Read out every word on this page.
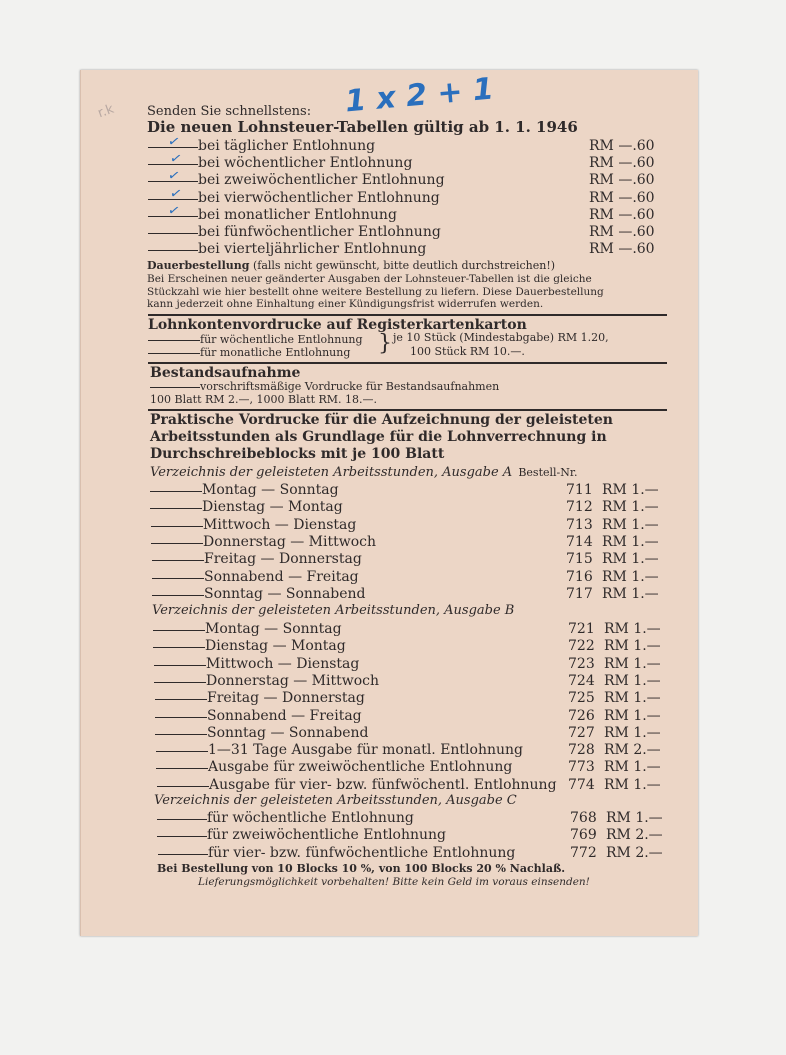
r.k	1 x 2 + 1
Senden Sie schnellstens:
Die neuen Lohnsteuer-Tabellen gültig ab 1. 1. 1946
bei täglicher Entlohnung	RM —.60
✓
bei wöchentlicher Entlohnung	RM —.60
✓
bei zweiwöchentlicher Entlohnung	RM —.60
✓
bei vierwöchentlicher Entlohnung	RM —.60
✓
bei monatlicher Entlohnung	RM —.60
✓
bei fünfwöchentlicher Entlohnung	RM —.60
bei vierteljährlicher Entlohnung	RM —.60
Dauerbestellung (falls nicht gewünscht, bitte deutlich durchstreichen!)
Bei Erscheinen neuer geänderter Ausgaben der Lohnsteuer-Tabellen ist die gleiche
Stückzahl wie hier bestellt ohne weitere Bestellung zu liefern. Diese Dauerbestellung
kann jederzeit ohne Einhaltung einer Kündigungsfrist widerrufen werden.
Lohnkontenvordrucke auf Registerkartenkarton
für wöchentliche Entlohnung
für monatliche Entlohnung } je 10 Stück (Mindestabgabe) RM 1.20,
100 Stück RM 10.—.
Bestandsaufnahme
vorschriftsmäßige Vordrucke für Bestandsaufnahmen
100 Blatt RM 2.—, 1000 Blatt RM. 18.—.
Praktische Vordrucke für die Aufzeichnung der geleisteten
Arbeitsstunden als Grundlage für die Lohnverrechnung in
Durchschreibeblocks mit je 100 Blatt
Verzeichnis der geleisteten Arbeitsstunden, Ausgabe A Bestell-Nr.
Montag — Sonntag	711 RM 1.—
Dienstag — Montag	712 RM 1.—
Mittwoch — Dienstag	713 RM 1.—
Donnerstag — Mittwoch	714 RM 1.—
Freitag — Donnerstag	715 RM 1.—
Sonnabend — Freitag	716 RM 1.—
Sonntag — Sonnabend	717 RM 1.—
Verzeichnis der geleisteten Arbeitsstunden, Ausgabe B
Montag — Sonntag	721 RM 1.—
Dienstag — Montag	722 RM 1.—
Mittwoch — Dienstag	723 RM 1.—
Donnerstag — Mittwoch	724 RM 1.—
Freitag — Donnerstag	725 RM 1.—
Sonnabend — Freitag	726 RM 1.—
Sonntag — Sonnabend	727 RM 1.—
1—31 Tage Ausgabe für monatl. Entlohnung	728 RM 2.—
Ausgabe für zweiwöchentliche Entlohnung	773 RM 1.—
Ausgabe für vier- bzw. fünfwöchentl. Entlohnung 774 RM 1.—
Verzeichnis der geleisteten Arbeitsstunden, Ausgabe C
für wöchentliche Entlohnung	768 RM 1.—
für zweiwöchentliche Entlohnung	769 RM 2.—
für vier- bzw. fünfwöchentliche Entlohnung	772 RM 2.—
Bei Bestellung von 10 Blocks 10 %, von 100 Blocks 20 % Nachlaß.
Lieferungsmöglichkeit vorbehalten! Bitte kein Geld im voraus einsenden!
